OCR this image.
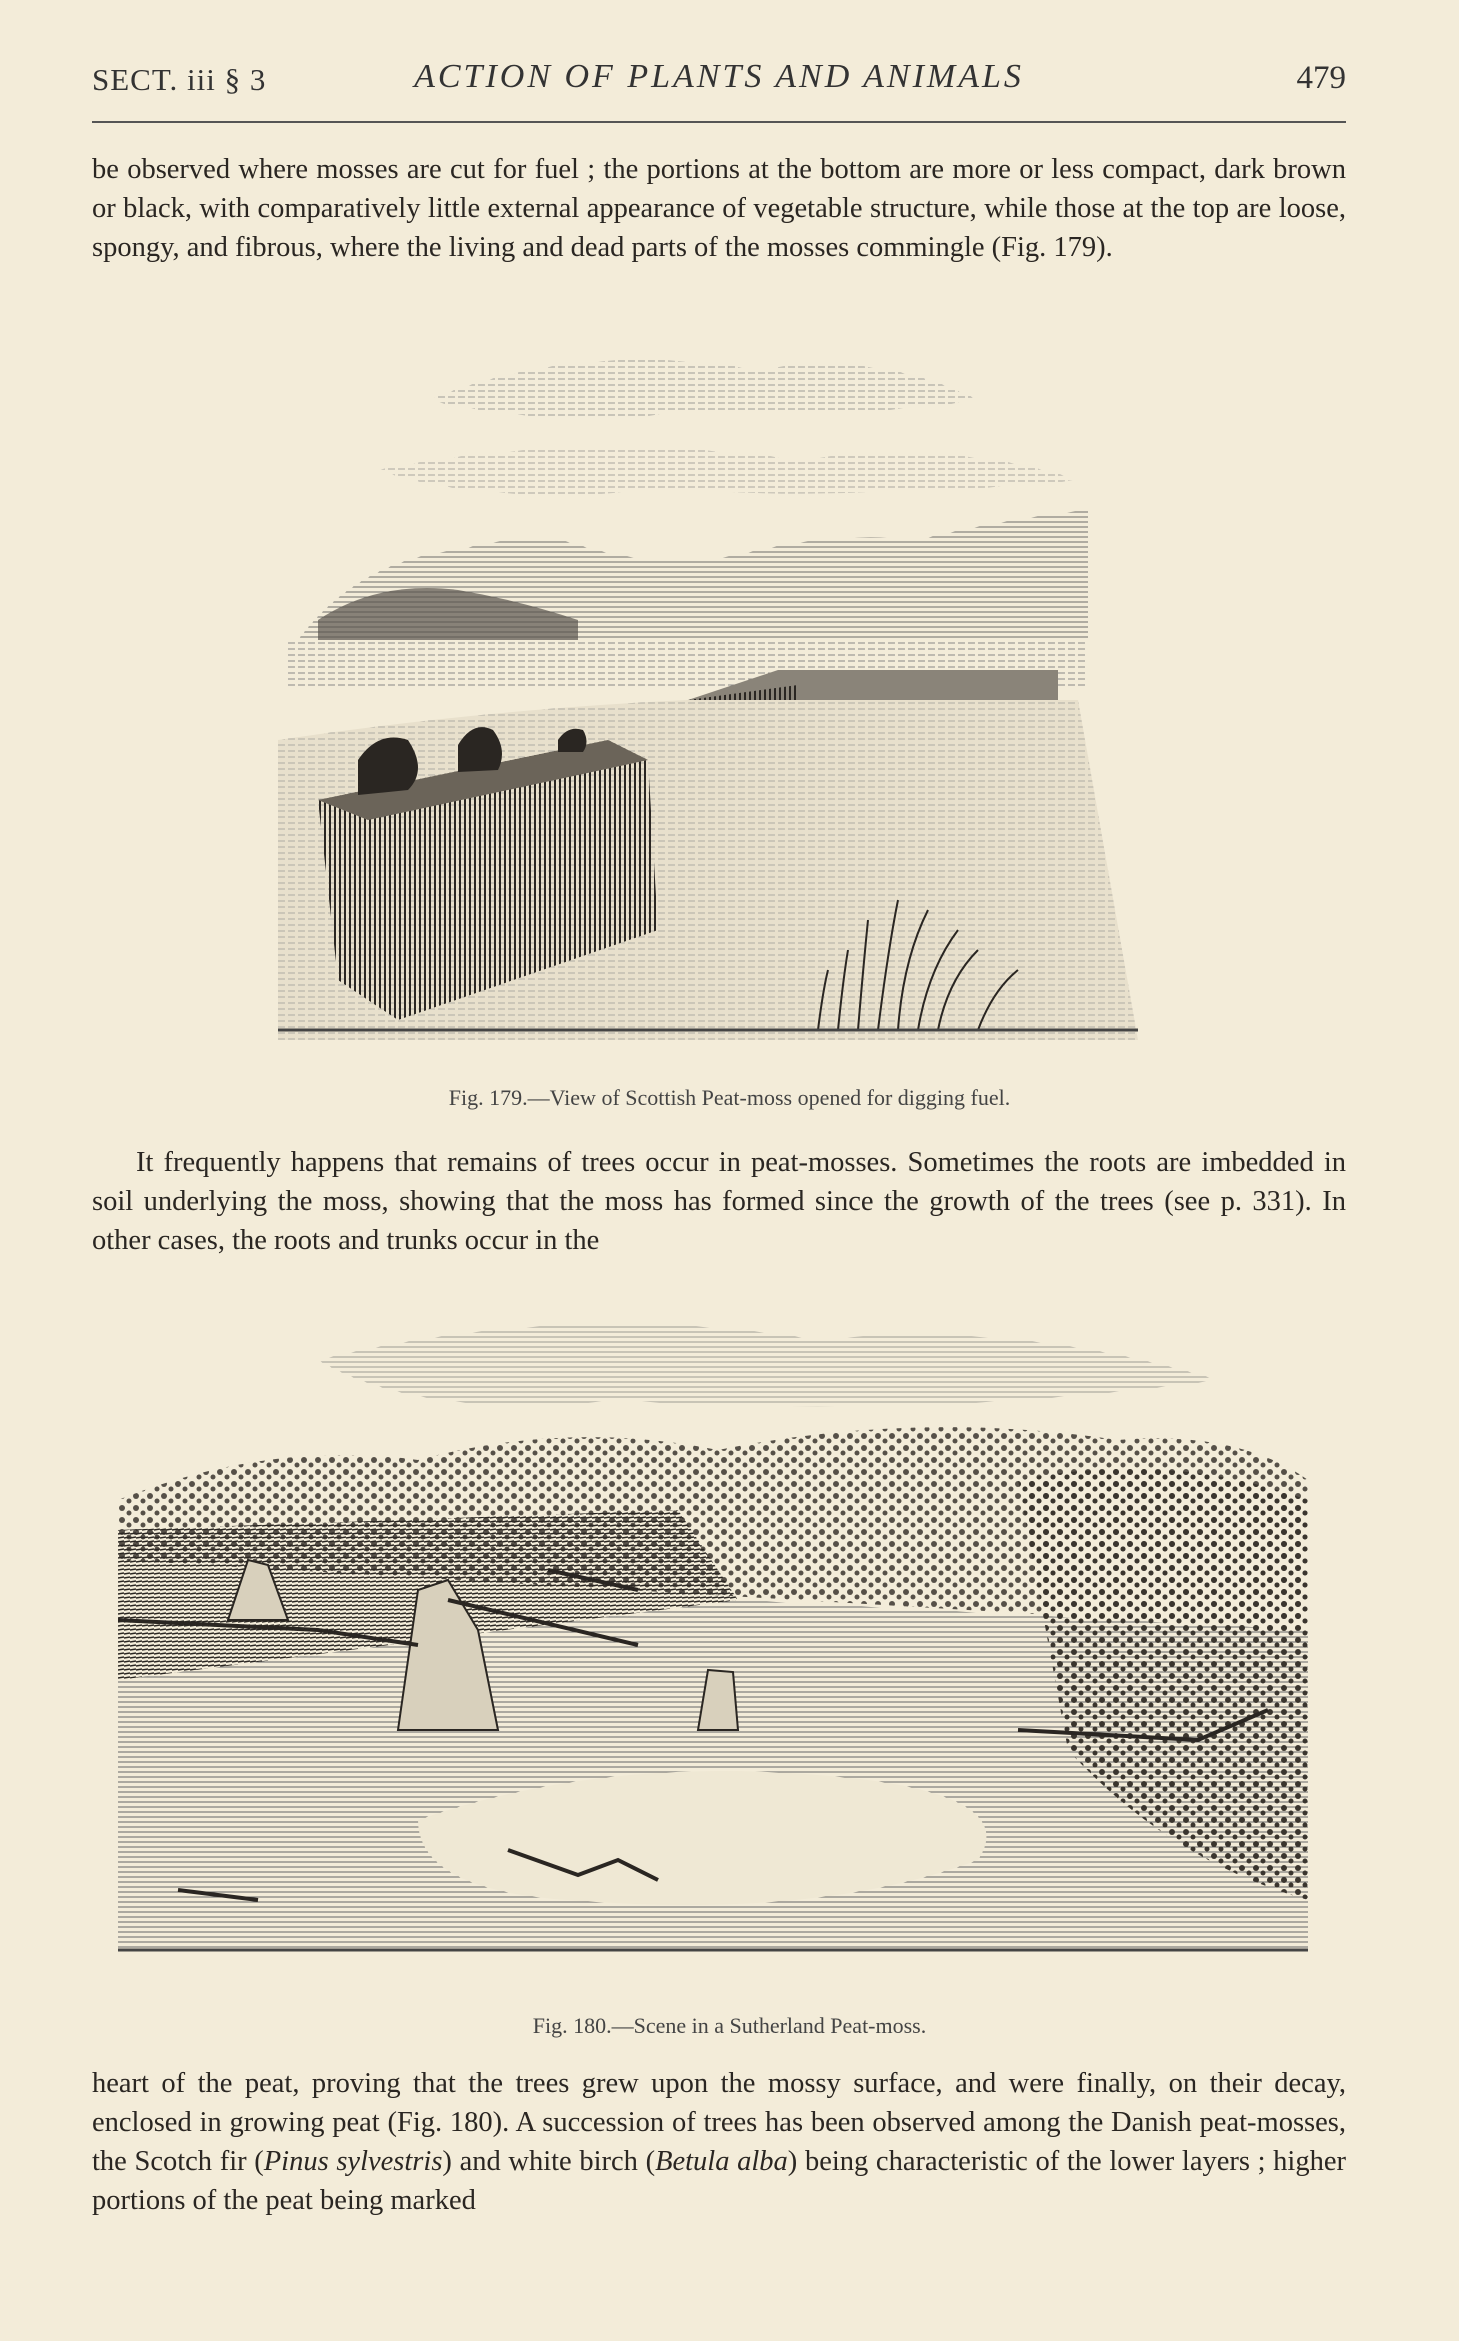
SECT. iii § 3	ACTION OF PLANTS AND ANIMALS	479

be observed where mosses are cut for fuel ; the portions at the bottom are more or less compact, dark brown or black, with comparatively little external appearance of vegetable structure, while those at the top are loose, spongy, and fibrous, where the living and dead parts of the mosses commingle (Fig. 179).

Fig. 179.—View of Scottish Peat-moss opened for digging fuel.

It frequently happens that remains of trees occur in peat-mosses. Sometimes the roots are imbedded in soil underlying the moss, showing that the moss has formed since the growth of the trees (see p. 331). In other cases, the roots and trunks occur in the

Fig. 180.—Scene in a Sutherland Peat-moss.

heart of the peat, proving that the trees grew upon the mossy surface, and were finally, on their decay, enclosed in growing peat (Fig. 180). A succession of trees has been observed among the Danish peat-mosses, the Scotch fir (Pinus sylvestris) and white birch (Betula alba) being characteristic of the lower layers ; higher portions of the peat being marked
